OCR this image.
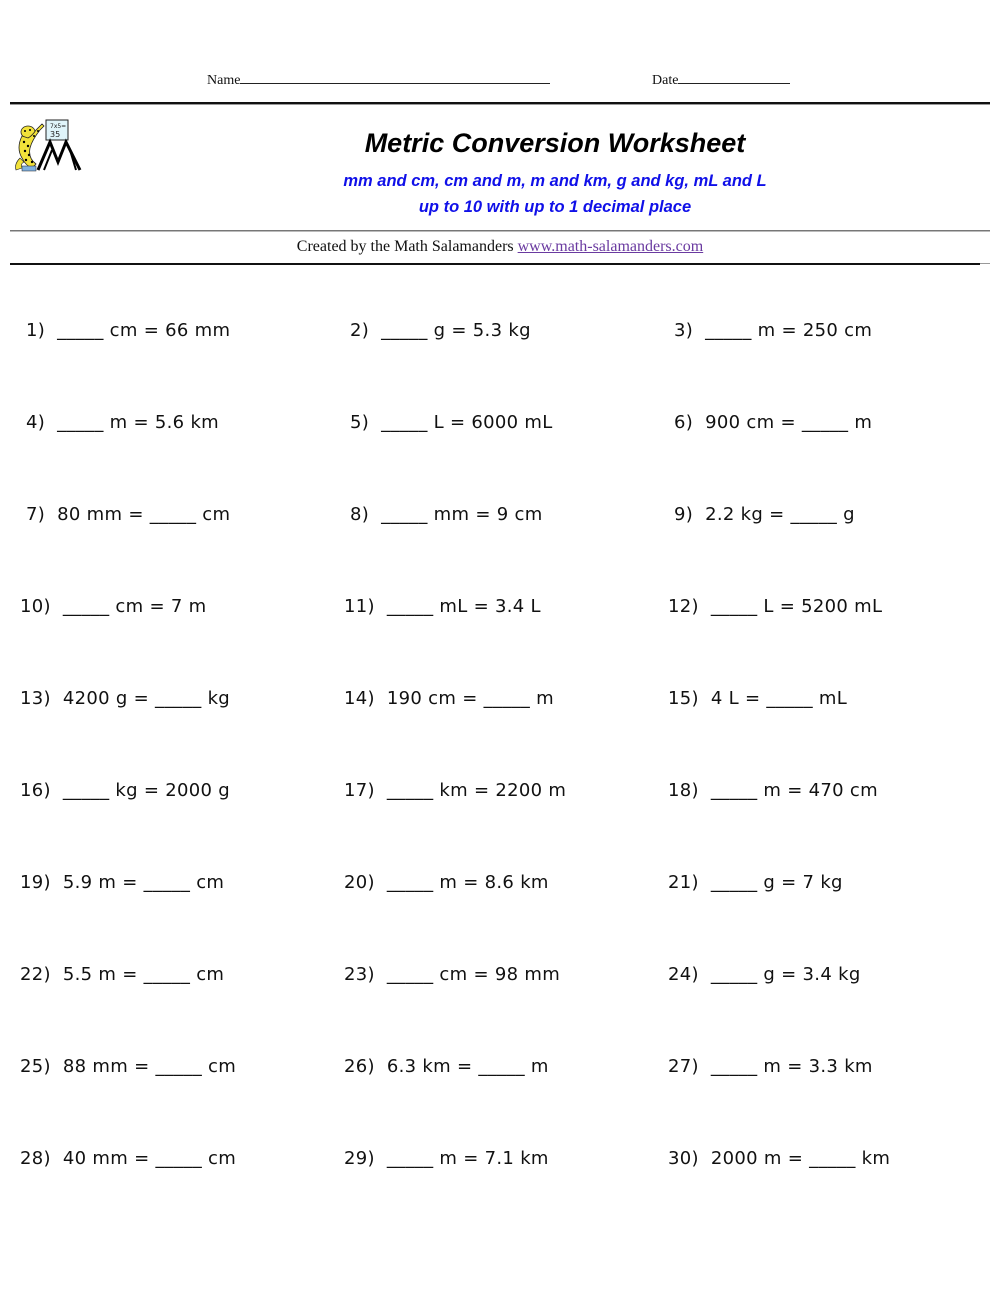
Name	Date
7x5=
35	Metric Conversion Worksheet
mm and cm, cm and m, m and km, g and kg, mL and L
up to 10 with up to 1 decimal place
Created by the Math Salamanders www.math-salamanders.com
1) _____ cm = 66 mm	2) _____ g = 5.3 kg	3) _____ m = 250 cm
4) _____ m = 5.6 km	5) _____ L = 6000 mL	6) 900 cm = _____ m
7) 80 mm = _____ cm	8) _____ mm = 9 cm	9) 2.2 kg = _____ g
10) _____ cm = 7 m	11) _____ mL = 3.4 L	12) _____ L = 5200 mL
13) 4200 g = _____ kg	14) 190 cm = _____ m	15) 4 L = _____ mL
16) _____ kg = 2000 g	17) _____ km = 2200 m	18) _____ m = 470 cm
19) 5.9 m = _____ cm	20) _____ m = 8.6 km	21) _____ g = 7 kg
22) 5.5 m = _____ cm	23) _____ cm = 98 mm	24) _____ g = 3.4 kg
25) 88 mm = _____ cm	26) 6.3 km = _____ m	27) _____ m = 3.3 km
28) 40 mm = _____ cm	29) _____ m = 7.1 km	30) 2000 m = _____ km
